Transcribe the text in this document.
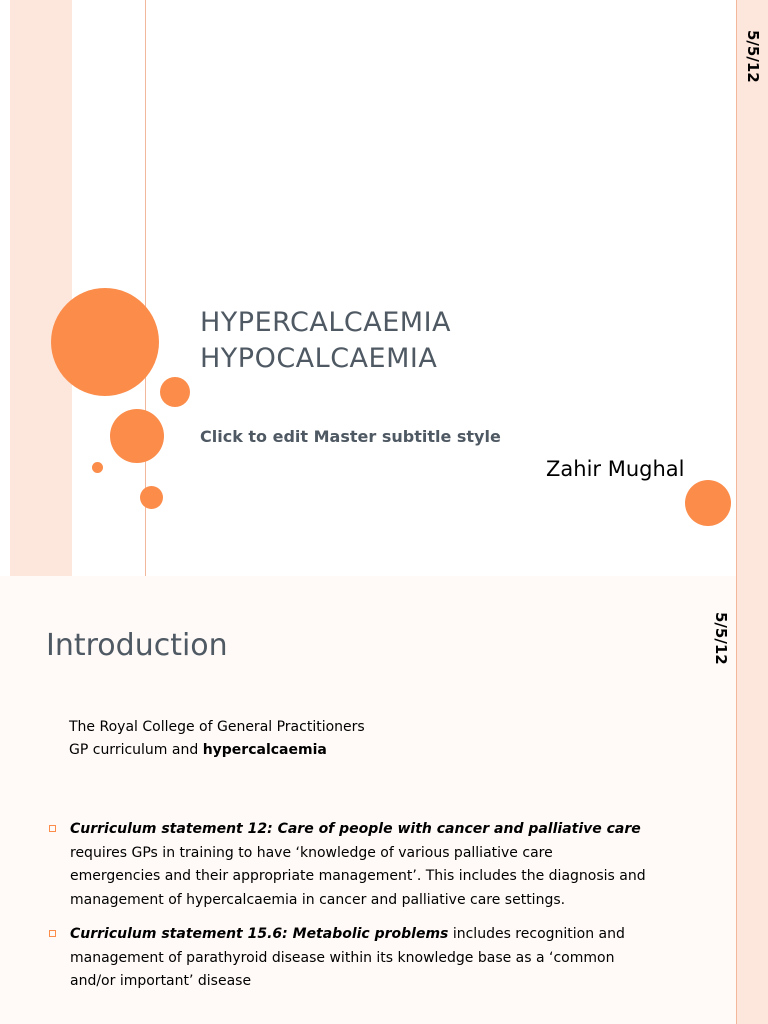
5/5/12
HYPERCALCAEMIA
HYPOCALCAEMIA
Click to edit Master subtitle style
Zahir Mughal
5/5/12
Introduction
The Royal College of General Practitioners
GP curriculum and hypercalcaemia
Curriculum statement 12: Care of people with cancer and palliative care requires GPs in training to have ‘knowledge of various palliative care emergencies and their appropriate management’. This includes the diagnosis and management of hypercalcaemia in cancer and palliative care settings.
Curriculum statement 15.6: Metabolic problems includes recognition and management of parathyroid disease within its knowledge base as a ‘common and/or important’ disease
